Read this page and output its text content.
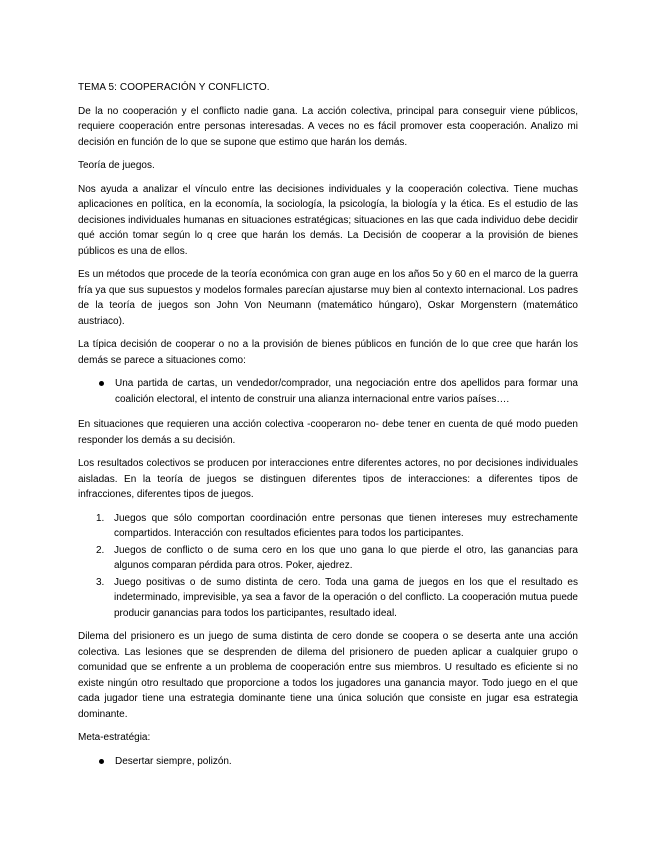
TEMA 5: COOPERACIÓN Y CONFLICTO.

De la no cooperación y el conflicto nadie gana. La acción colectiva, principal para conseguir viene públicos, requiere cooperación entre personas interesadas. A veces no es fácil promover esta cooperación. Analizo mi decisión en función de lo que se supone que estimo que harán los demás.

Teoría de juegos.

Nos ayuda a analizar el vínculo entre las decisiones individuales y la cooperación colectiva. Tiene muchas aplicaciones en política, en la economía, la sociología, la psicología, la biología y la ética. Es el estudio de las decisiones individuales humanas en situaciones estratégicas; situaciones en las que cada individuo debe decidir qué acción tomar según lo q cree que harán los demás. La Decisión de cooperar a la provisión de bienes públicos es una de ellos.

Es un métodos que procede de la teoría económica con gran auge en los años 5o y 60 en el marco de la guerra fría ya que sus supuestos y modelos formales parecían ajustarse muy bien al contexto internacional. Los padres de la teoría de juegos son John Von Neumann (matemático húngaro), Oskar Morgenstern (matemático austriaco).

La típica decisión de cooperar o no a la provisión de bienes públicos en función de lo que cree que harán los demás se parece a situaciones como:

Una partida de cartas, un vendedor/comprador, una negociación entre dos apellidos para formar una coalición electoral, el intento de construir una alianza internacional entre varios países….

En situaciones que requieren una acción colectiva -cooperaron no- debe tener en cuenta de qué modo pueden responder los demás a su decisión.

Los resultados colectivos se producen por interacciones entre diferentes actores, no por decisiones individuales aisladas. En la teoría de juegos se distinguen diferentes tipos de interacciones: a diferentes tipos de infracciones, diferentes tipos de juegos.

1. Juegos que sólo comportan coordinación entre personas que tienen intereses muy estrechamente compartidos. Interacción con resultados eficientes para todos los participantes.
2. Juegos de conflicto o de suma cero en los que uno gana lo que pierde el otro, las ganancias para algunos comparan pérdida para otros. Poker, ajedrez.
3. Juego positivas o de sumo distinta de cero. Toda una gama de juegos en los que el resultado es indeterminado, imprevisible, ya sea a favor de la operación o del conflicto. La cooperación mutua puede producir ganancias para todos los participantes, resultado ideal.

Dilema del prisionero es un juego de suma distinta de cero donde se coopera o se deserta ante una acción colectiva. Las lesiones que se desprenden de dilema del prisionero de pueden aplicar a cualquier grupo o comunidad que se enfrente a un problema de cooperación entre sus miembros. U resultado es eficiente si no existe ningún otro resultado que proporcione a todos los jugadores una ganancia mayor. Todo juego en el que cada jugador tiene una estrategia dominante tiene una única solución que consiste en jugar esa estrategia dominante.

Meta-estratégia:

Desertar siempre, polizón.
